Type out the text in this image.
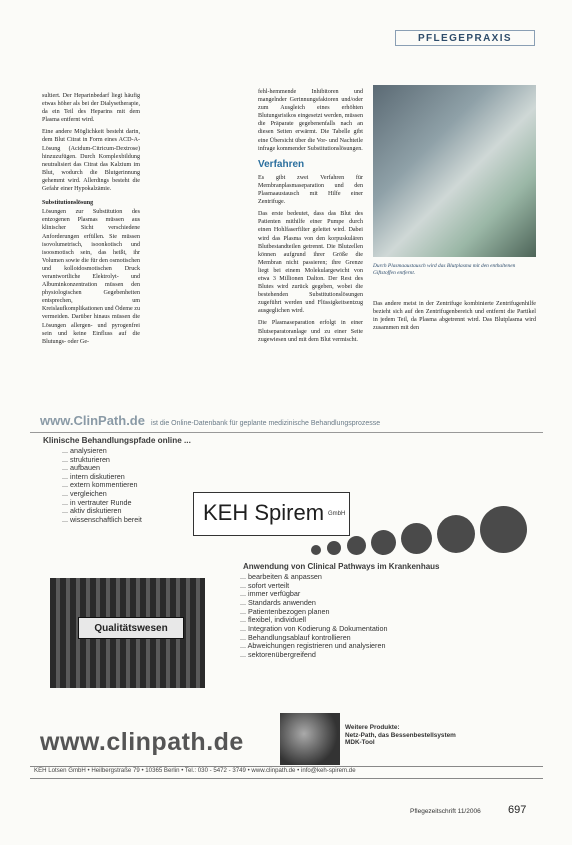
PFLEGEPRAXIS

sultiert. Der Heparinbedarf liegt häufig etwas höher als bei der Dialysetherapie, da ein Teil des Heparins mit dem Plasma entfernt wird.

Eine andere Möglichkeit besteht darin, dem Blut Citrat in Form eines ACD-A-Lösung (Acidum-Citricum-Dextrose) hinzuzufügen. Durch Komplexbildung neutralisiert das Citrat das Kalzium im Blut, wodurch die Blutgerinnung gehemmt wird. Allerdings besteht die Gefahr einer Hypokalzämie.

Substitutionslösung

Lösungen zur Substitution des entzogenen Plasmas müssen aus klinischer Sicht verschiedene Anforderungen erfüllen. Sie müssen isovolumetrisch, isoonkotisch und isoosmotisch sein, das heißt, ihr Volumen sowie die für den osmotischen und kolloidosmotischen Druck verantwortliche Elektrolyt- und Albuminkonzentration müssen den physiologischen Gegebenheiten entsprechen, um Kreislaufkomplikationen und Ödeme zu vermeiden. Darüber hinaus müssen die Lösungen allergen- und pyrogenfrei sein und keine Einfluss auf die Blutungs- oder Ge-

fehl-hemmende Inhibitoren und mangelnder Gerinnungsfaktoren und/oder zum Ausgleich eines erhöhten Blutungsrisikos eingesetzt werden, müssen die Präparate gegebenenfalls nach an diesen Seiten erwärmt. Die Tabelle gibt eine Übersicht über die Vor- und Nachteile infrage kommender Substitutionslösungen.

Verfahren

Es gibt zwei Verfahren für Membranplasmaseparation und den Plasmaaustausch mit Hilfe einer Zentrifuge.

Das erste bedeutet, dass das Blut des Patienten mithilfe einer Pumpe durch einen Hohlfaserfilter geleitet wird. Dabei wird das Plasma von den korpuskulären Blutbestandteilen getrennt. Die Blutzellen können aufgrund ihrer Größe die Membran nicht passieren; ihre Grenze liegt bei einem Molekulargewicht von etwa 3 Millionen Dalton. Der Rest des Blutes wird zurück gegeben, wobei die bestehenden Substitutionslösungen zugeführt werden und Flüssigkeitsentzug ausgeglichen wird.

Die Plasmaseparation erfolgt in einer Blutseparatoranlage und zu einer Seite zugewiesen und mit dem Blut vermischt.

Durch Plasmaaustausch wird das Blutplasma mit den enthaltenen Giftstoffen entfernt.

Das andere meist in der Zentrifuge kombinierte Zentrifugenhilfe bezieht sich auf den Zentrifugenbereich und entfernt die Partikel in jedem Teil, da Plasma abgetrennt wird. Das Blutplasma wird zusammen mit den

www.ClinPath.de ist die Online-Datenbank für geplante medizinische Behandlungsprozesse
Klinische Behandlungspfade online ...
... analysieren
... strukturieren
... aufbauen
... intern diskutieren
... extern kommentieren
... vergleichen
... in vertrauter Runde
... aktiv diskutieren
... wissenschaftlich bereit	KEH Spirem GmbH
Qualitätswesen
Anwendung von Clinical Pathways im Krankenhaus
... bearbeiten & anpassen
... sofort verteilt
... immer verfügbar
... Standards anwenden
... Patientenbezogen planen
... flexibel, individuell
... Integration von Kodierung & Dokumentation
... Behandlungsablauf kontrollieren
... Abweichungen registrieren und analysieren
... sektorenübergreifend
www.clinpath.de
Weitere Produkte:
Netz-Path, das Bessenbestellsystem
MDK-Tool
KEH Lotsen GmbH • Heilbergstraße 79 • 10365 Berlin • Tel.: 030 - 5472 - 3749 • www.clinpath.de • info@keh-spirem.de
Pflegezeitschrift 11/2006 697
